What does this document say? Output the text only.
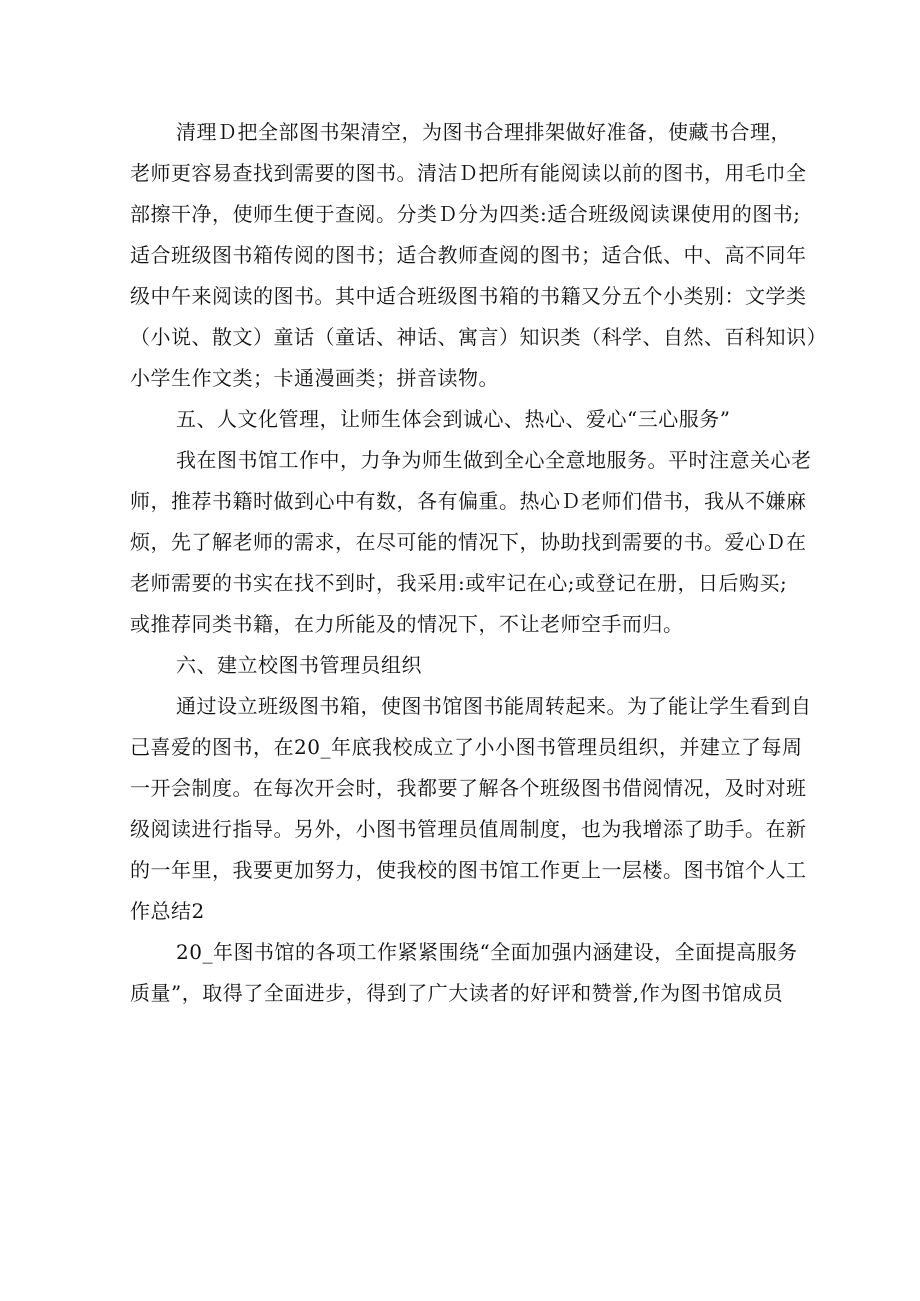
清理Ｄ把全部图书架清空，为图书合理排架做好准备，使藏书合理，
老师更容易查找到需要的图书。清洁Ｄ把所有能阅读以前的图书，用毛巾全
部擦干净，使师生便于查阅。分类Ｄ分为四类:适合班级阅读课使用的图书;
适合班级图书箱传阅的图书；适合教师查阅的图书；适合低、中、高不同年
级中午来阅读的图书。其中适合班级图书箱的书籍又分五个小类别：文学类
（小说、散文）童话（童话、神话、寓言）知识类（科学、自然、百科知识）
小学生作文类；卡通漫画类；拼音读物。
五、人文化管理，让师生体会到诚心、热心、爱心“三心服务”
我在图书馆工作中，力争为师生做到全心全意地服务。平时注意关心老
师，推荐书籍时做到心中有数，各有偏重。热心Ｄ老师们借书，我从不嫌麻
烦，先了解老师的需求，在尽可能的情况下，协助找到需要的书。爱心Ｄ在
老师需要的书实在找不到时，我采用:或牢记在心;或登记在册，日后购买;
或推荐同类书籍，在力所能及的情况下，不让老师空手而归。
六、建立校图书管理员组织
通过设立班级图书箱，使图书馆图书能周转起来。为了能让学生看到自
己喜爱的图书，在20_年底我校成立了小小图书管理员组织，并建立了每周
一开会制度。在每次开会时，我都要了解各个班级图书借阅情况，及时对班
级阅读进行指导。另外，小图书管理员值周制度，也为我增添了助手。在新
的一年里，我要更加努力，使我校的图书馆工作更上一层楼。图书馆个人工
作总结2
20_年图书馆的各项工作紧紧围绕“全面加强内涵建设，全面提高服务
质量”，取得了全面进步，得到了广大读者的好评和赞誉,作为图书馆成员
